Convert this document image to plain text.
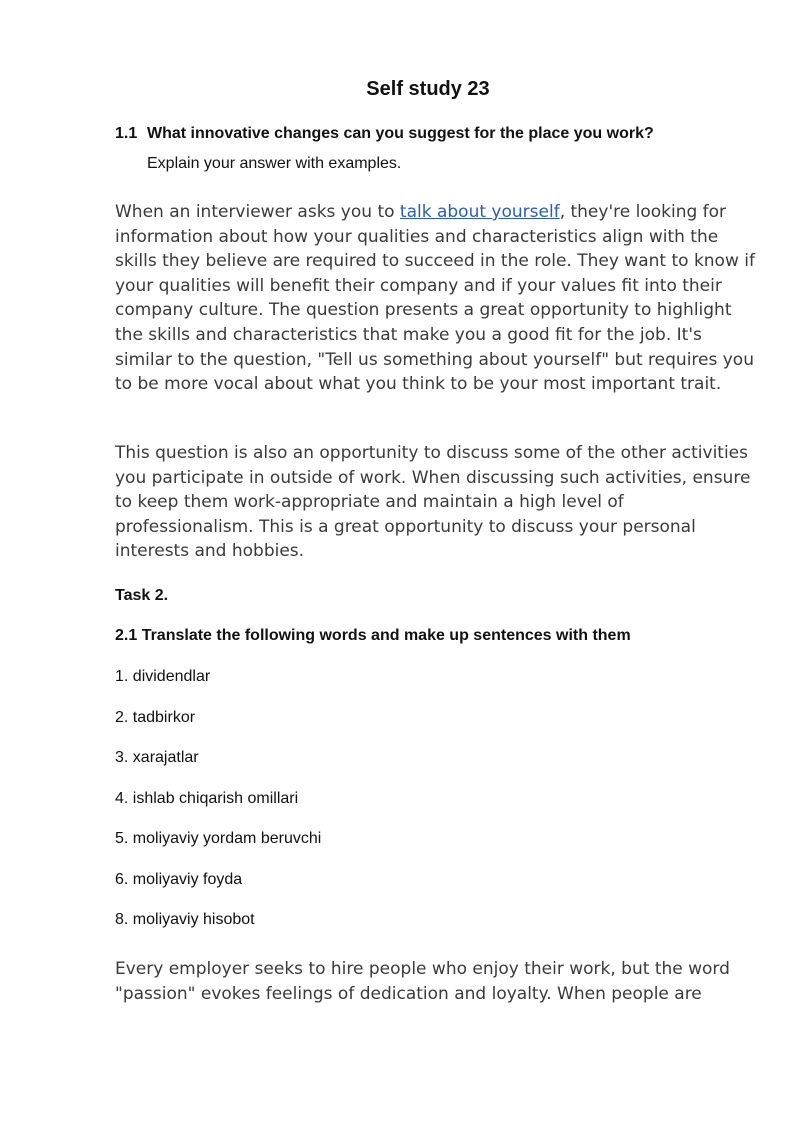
Self study 23
1.1 What innovative changes can you suggest for the place you work?
Explain your answer with examples.

When an interviewer asks you to talk about yourself, they're looking for information about how your qualities and characteristics align with the skills they believe are required to succeed in the role. They want to know if your qualities will benefit their company and if your values fit into their company culture. The question presents a great opportunity to highlight the skills and characteristics that make you a good fit for the job. It's similar to the question, "Tell us something about yourself" but requires you to be more vocal about what you think to be your most important trait.

This question is also an opportunity to discuss some of the other activities you participate in outside of work. When discussing such activities, ensure to keep them work-appropriate and maintain a high level of professionalism. This is a great opportunity to discuss your personal interests and hobbies.

Task 2.
2.1 Translate the following words and make up sentences with them
1. dividendlar
2. tadbirkor
3. xarajatlar
4. ishlab chiqarish omillari
5. moliyaviy yordam beruvchi
6. moliyaviy foyda
8. moliyaviy hisobot

Every employer seeks to hire people who enjoy their work, but the word "passion" evokes feelings of dedication and loyalty. When people are
